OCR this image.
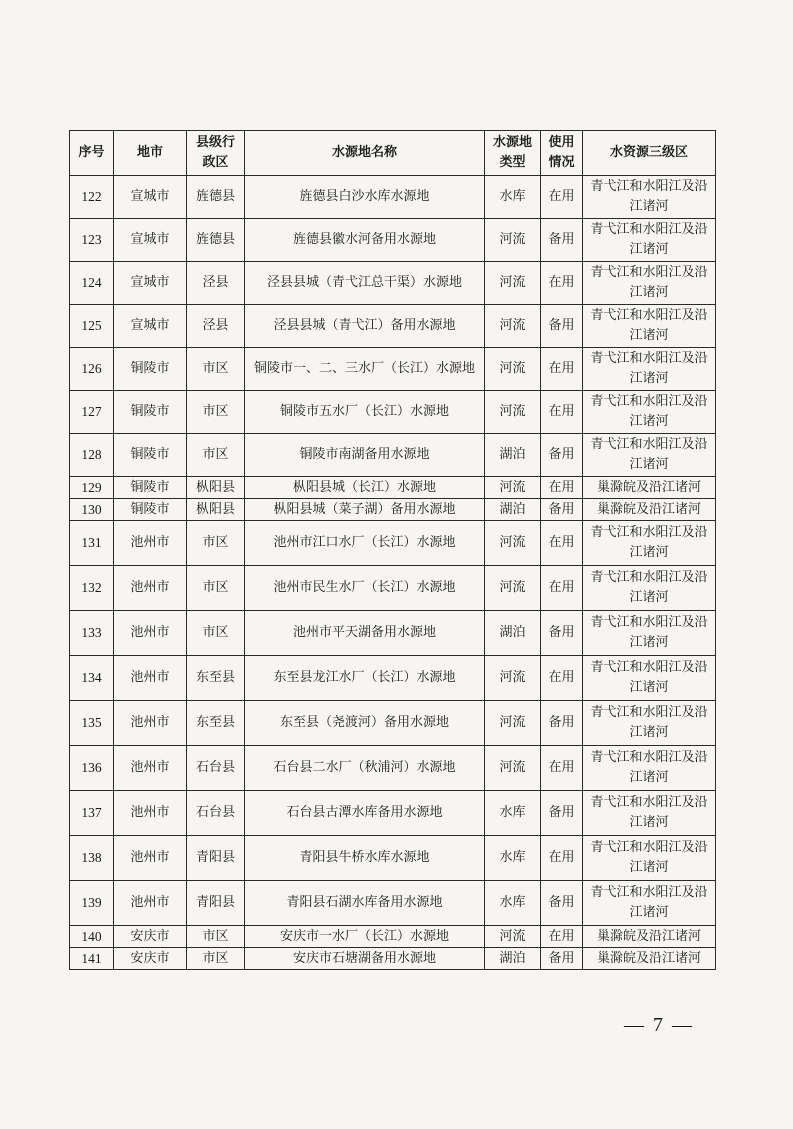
序号	地市	县级行政区	水源地名称	水源地类型	使用情况	水资源三级区
122	宣城市	旌德县	旌德县白沙水库水源地	水库	在用	青弋江和水阳江及沿江诸河
123	宣城市	旌德县	旌德县徽水河备用水源地	河流	备用	青弋江和水阳江及沿江诸河
124	宣城市	泾县	泾县县城（青弋江总干渠）水源地	河流	在用	青弋江和水阳江及沿江诸河
125	宣城市	泾县	泾县县城（青弋江）备用水源地	河流	备用	青弋江和水阳江及沿江诸河
126	铜陵市	市区	铜陵市一、二、三水厂（长江）水源地	河流	在用	青弋江和水阳江及沿江诸河
127	铜陵市	市区	铜陵市五水厂（长江）水源地	河流	在用	青弋江和水阳江及沿江诸河
128	铜陵市	市区	铜陵市南湖备用水源地	湖泊	备用	青弋江和水阳江及沿江诸河
129	铜陵市	枞阳县	枞阳县城（长江）水源地	河流	在用	巢滁皖及沿江诸河
130	铜陵市	枞阳县	枞阳县城（菜子湖）备用水源地	湖泊	备用	巢滁皖及沿江诸河
131	池州市	市区	池州市江口水厂（长江）水源地	河流	在用	青弋江和水阳江及沿江诸河
132	池州市	市区	池州市民生水厂（长江）水源地	河流	在用	青弋江和水阳江及沿江诸河
133	池州市	市区	池州市平天湖备用水源地	湖泊	备用	青弋江和水阳江及沿江诸河
134	池州市	东至县	东至县龙江水厂（长江）水源地	河流	在用	青弋江和水阳江及沿江诸河
135	池州市	东至县	东至县（尧渡河）备用水源地	河流	备用	青弋江和水阳江及沿江诸河
136	池州市	石台县	石台县二水厂（秋浦河）水源地	河流	在用	青弋江和水阳江及沿江诸河
137	池州市	石台县	石台县古潭水库备用水源地	水库	备用	青弋江和水阳江及沿江诸河
138	池州市	青阳县	青阳县牛桥水库水源地	水库	在用	青弋江和水阳江及沿江诸河
139	池州市	青阳县	青阳县石湖水库备用水源地	水库	备用	青弋江和水阳江及沿江诸河
140	安庆市	市区	安庆市一水厂（长江）水源地	河流	在用	巢滁皖及沿江诸河
141	安庆市	市区	安庆市石塘湖备用水源地	湖泊	备用	巢滁皖及沿江诸河
— 7 —
